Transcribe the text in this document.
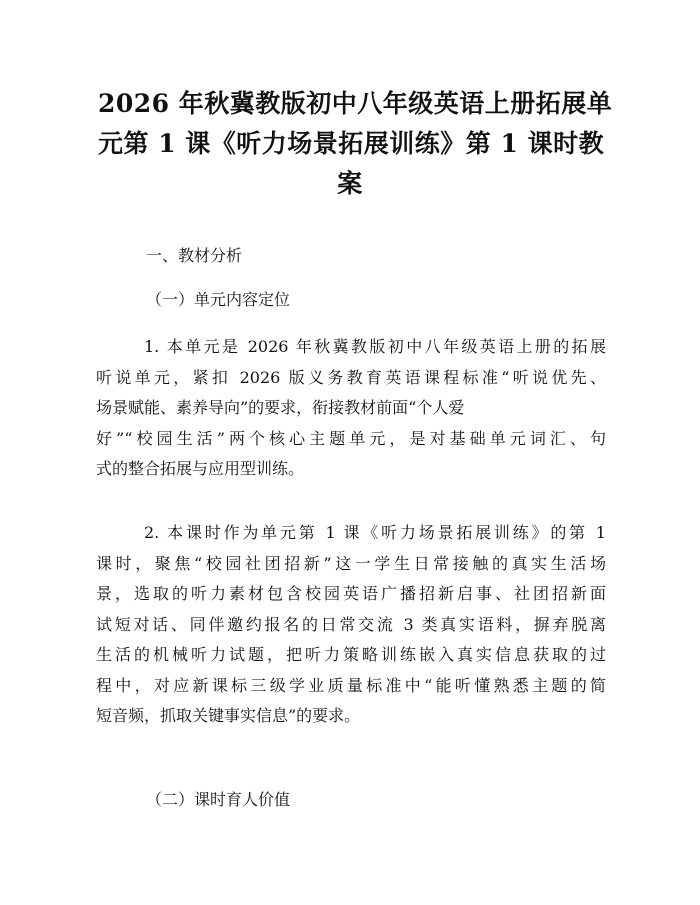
2026 年秋冀教版初中八年级英语上册拓展单
元第 1 课《听力场景拓展训练》第 1 课时教
案
一、教材分析
（一）单元内容定位
1. 本单元是 2026 年秋冀教版初中八年级英语上册的拓展
听说单元，紧扣 2026 版义务教育英语课程标准“听说优先、
场景赋能、素养导向”的要求，衔接教材前面“个人爱
好”“校园生活”两个核心主题单元，是对基础单元词汇、句
式的整合拓展与应用型训练。
2. 本课时作为单元第 1 课《听力场景拓展训练》的第 1
课时，聚焦“校园社团招新”这一学生日常接触的真实生活场
景，选取的听力素材包含校园英语广播招新启事、社团招新面
试短对话、同伴邀约报名的日常交流 3 类真实语料，摒弃脱离
生活的机械听力试题，把听力策略训练嵌入真实信息获取的过
程中，对应新课标三级学业质量标准中“能听懂熟悉主题的简
短音频，抓取关键事实信息”的要求。
（二）课时育人价值
